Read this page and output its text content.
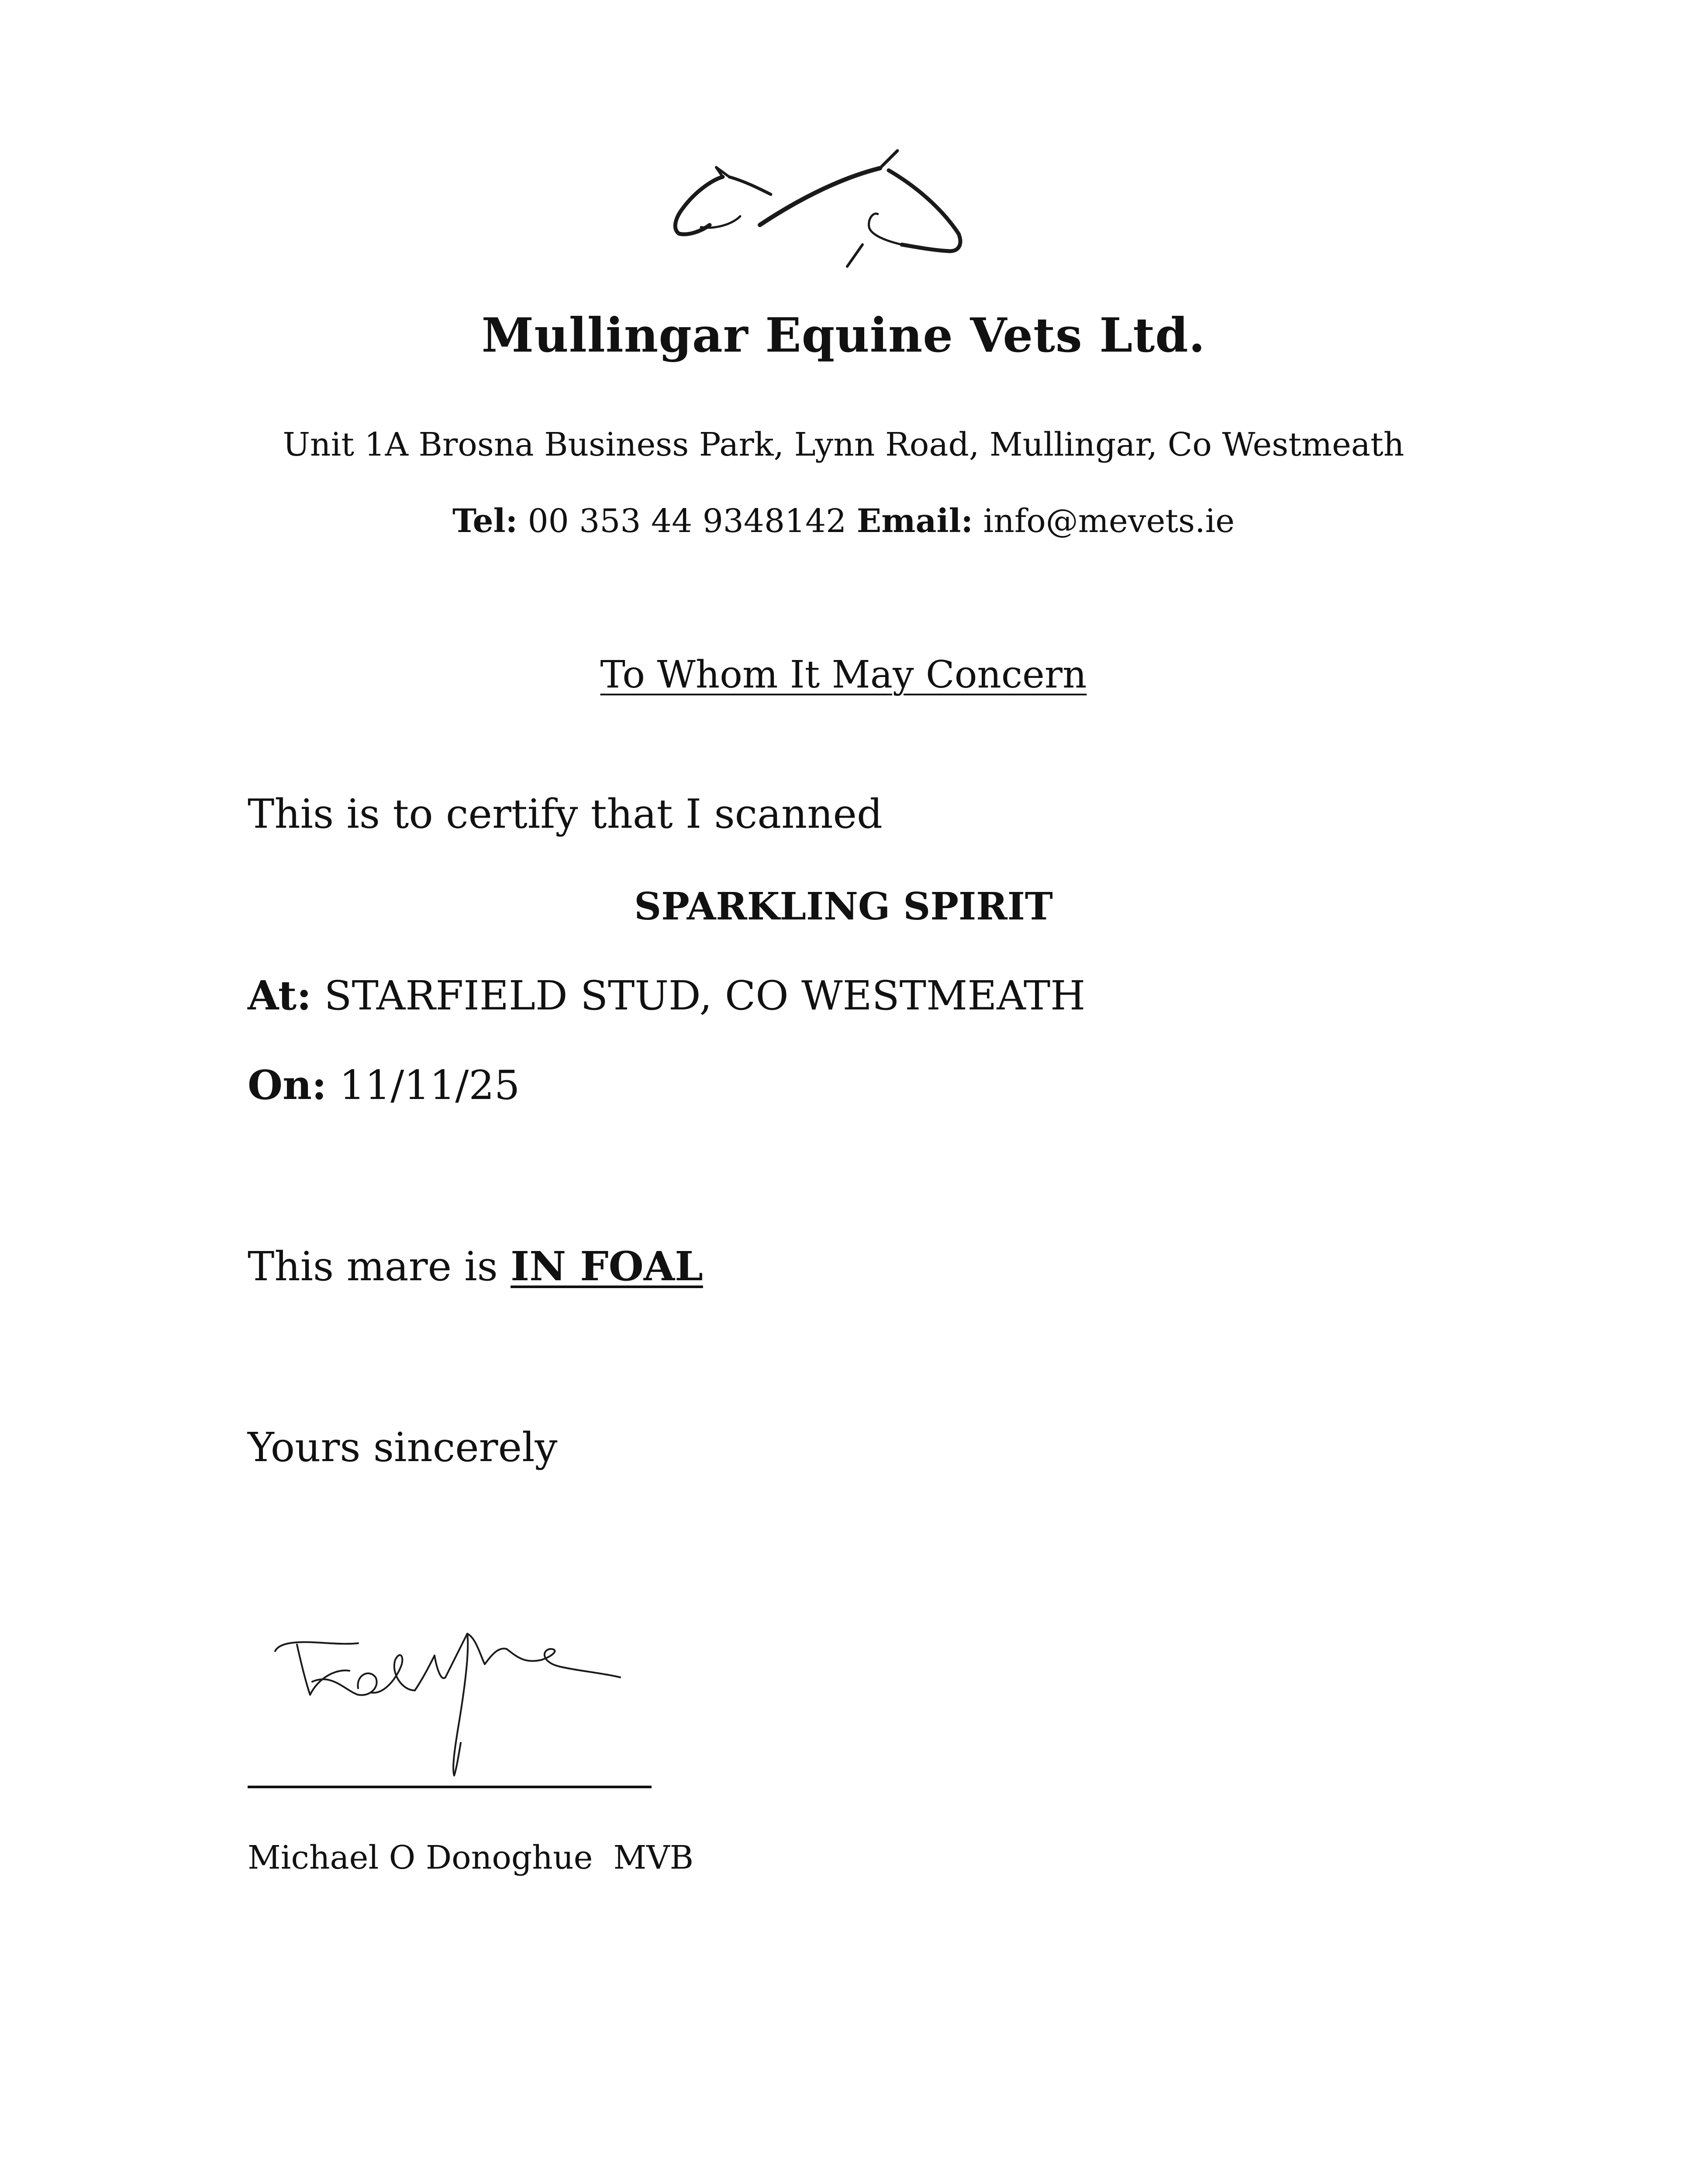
Mullingar Equine Vets Ltd.
Unit 1A Brosna Business Park, Lynn Road, Mullingar, Co Westmeath
Tel: 00 353 44 9348142 Email: info@mevets.ie
To Whom It May Concern
This is to certify that I scanned
SPARKLING SPIRIT
At: STARFIELD STUD, CO WESTMEATH
On: 11/11/25
This mare is IN FOAL
Yours sincerely
Michael O Donoghue  MVB
